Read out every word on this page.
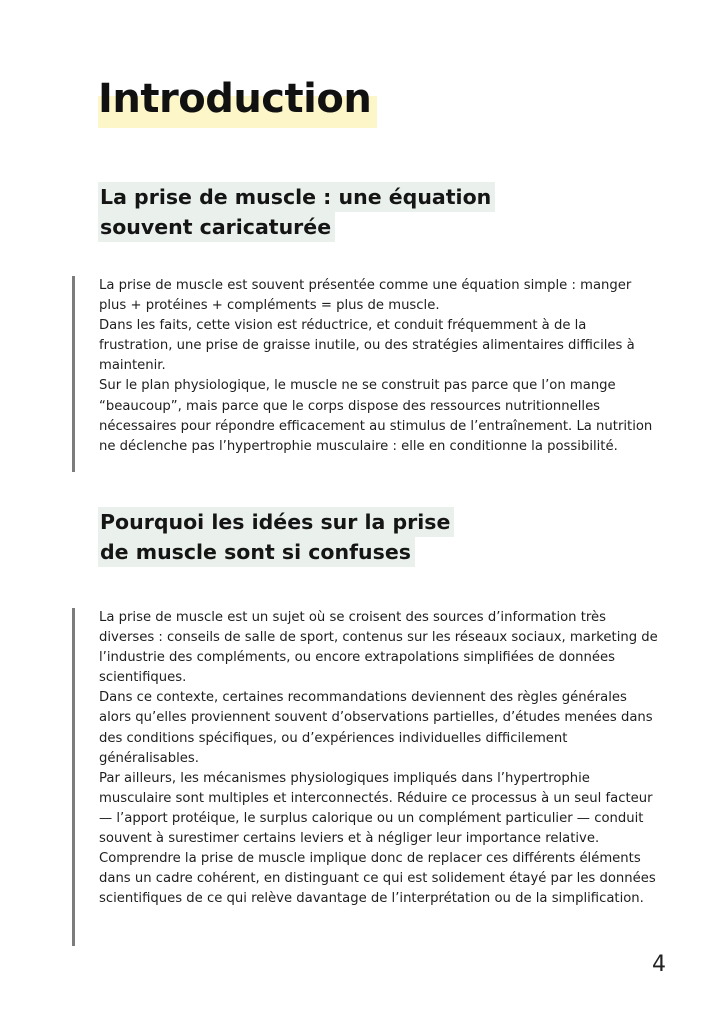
Introduction
La prise de muscle : une équation
souvent caricaturée

La prise de muscle est souvent présentée comme une équation simple : manger plus + protéines + compléments = plus de muscle.

Dans les faits, cette vision est réductrice, et conduit fréquemment à de la frustration, une prise de graisse inutile, ou des stratégies alimentaires difficiles à maintenir.

Sur le plan physiologique, le muscle ne se construit pas parce que l’on mange “beaucoup”, mais parce que le corps dispose des ressources nutritionnelles nécessaires pour répondre efficacement au stimulus de l’entraînement. La nutrition ne déclenche pas l’hypertrophie musculaire : elle en conditionne la possibilité.

Pourquoi les idées sur la prise
de muscle sont si confuses

La prise de muscle est un sujet où se croisent des sources d’information très diverses : conseils de salle de sport, contenus sur les réseaux sociaux, marketing de l’industrie des compléments, ou encore extrapolations simplifiées de données scientifiques.

Dans ce contexte, certaines recommandations deviennent des règles générales alors qu’elles proviennent souvent d’observations partielles, d’études menées dans des conditions spécifiques, ou d’expériences individuelles difficilement généralisables.

Par ailleurs, les mécanismes physiologiques impliqués dans l’hypertrophie musculaire sont multiples et interconnectés. Réduire ce processus à un seul facteur — l’apport protéique, le surplus calorique ou un complément particulier — conduit souvent à surestimer certains leviers et à négliger leur importance relative.

Comprendre la prise de muscle implique donc de replacer ces différents éléments dans un cadre cohérent, en distinguant ce qui est solidement étayé par les données scientifiques de ce qui relève davantage de l’interprétation ou de la simplification.

4
